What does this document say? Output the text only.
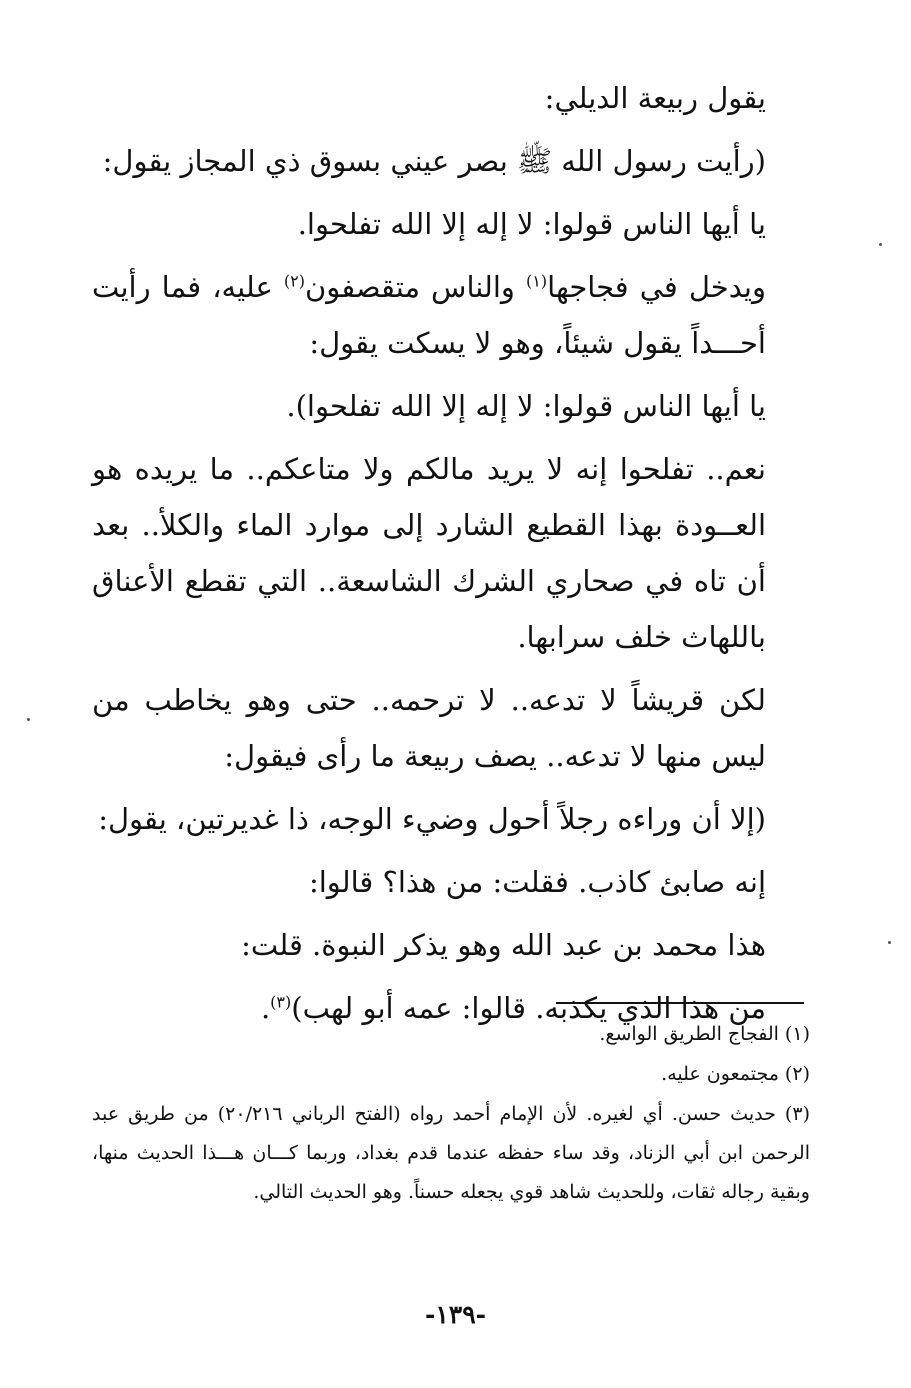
يقول ربيعة الديلي:

(رأيت رسول الله ﷺ بصر عيني بسوق ذي المجاز يقول:

يا أيها الناس قولوا: لا إله إلا الله تفلحوا.

ويدخل في فجاجها$^{(١)}$ والناس متقصفون$^{(٢)}$ عليه، فما رأيت أحـــداً يقول شيئاً، وهو لا يسكت يقول:

يا أيها الناس قولوا: لا إله إلا الله تفلحوا).

نعم.. تفلحوا إنه لا يريد مالكم ولا متاعكم.. ما يريده هو العــودة بهذا القطيع الشارد إلى موارد الماء والكلأ.. بعد أن تاه في صحاري الشرك الشاسعة.. التي تقطع الأعناق باللهاث خلف سرابها.

لكن قريشاً لا تدعه.. لا ترحمه.. حتى وهو يخاطب من ليس منها لا تدعه.. يصف ربيعة ما رأى فيقول:

(إلا أن وراءه رجلاً أحول وضيء الوجه، ذا غديرتين، يقول:

إنه صابئ كاذب. فقلت: من هذا؟ قالوا:

هذا محمد بن عبد الله وهو يذكر النبوة. قلت:

من هذا الذي يكذبه. قالوا: عمه أبو لهب)$^{(٣)}$.

(١) الفجاج الطريق الواسع.

(٢) مجتمعون عليه.

(٣) حديث حسن. أي لغيره. لأن الإمام أحمد رواه (الفتح الرباني ٢٠/٢١٦) من طريق عبد الرحمن ابن أبي الزناد، وقد ساء حفظه عندما قدم بغداد، وربما كـــان هـــذا الحديث منها، وبقية رجاله ثقات، وللحديث شاهد قوي يجعله حسناً. وهو الحديث التالي.

-١٣٩-
